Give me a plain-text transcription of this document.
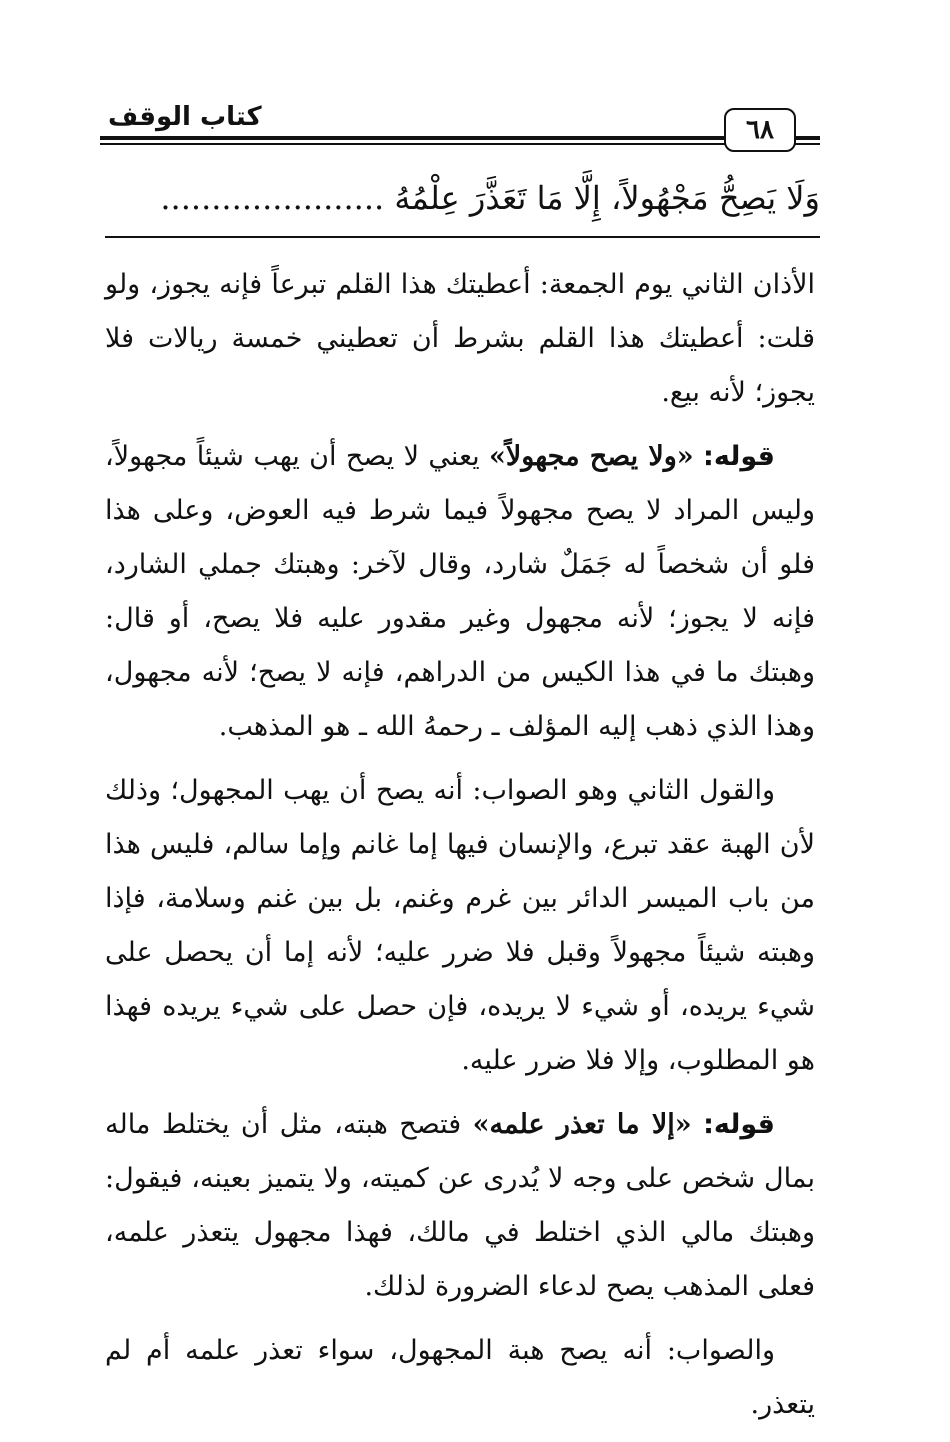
كتاب الوقف	٦٨
وَلَا يَصِحُّ مَجْهُولاً، إِلَّا مَا تَعَذَّرَ عِلْمُهُ ......................

الأذان الثاني يوم الجمعة: أعطيتك هذا القلم تبرعاً فإنه يجوز، ولو قلت: أعطيتك هذا القلم بشرط أن تعطيني خمسة ريالات فلا يجوز؛ لأنه بيع.

قوله: «ولا يصح مجهولاً» يعني لا يصح أن يهب شيئاً مجهولاً، وليس المراد لا يصح مجهولاً فيما شرط فيه العوض، وعلى هذا فلو أن شخصاً له جَمَلٌ شارد، وقال لآخر: وهبتك جملي الشارد، فإنه لا يجوز؛ لأنه مجهول وغير مقدور عليه فلا يصح، أو قال: وهبتك ما في هذا الكيس من الدراهم، فإنه لا يصح؛ لأنه مجهول، وهذا الذي ذهب إليه المؤلف ـ رحمهُ الله ـ هو المذهب.

والقول الثاني وهو الصواب: أنه يصح أن يهب المجهول؛ وذلك لأن الهبة عقد تبرع، والإنسان فيها إما غانم وإما سالم، فليس هذا من باب الميسر الدائر بين غرم وغنم، بل بين غنم وسلامة، فإذا وهبته شيئاً مجهولاً وقبل فلا ضرر عليه؛ لأنه إما أن يحصل على شيء يريده، أو شيء لا يريده، فإن حصل على شيء يريده فهذا هو المطلوب، وإلا فلا ضرر عليه.

قوله: «إلا ما تعذر علمه» فتصح هبته، مثل أن يختلط ماله بمال شخص على وجه لا يُدرى عن كميته، ولا يتميز بعينه، فيقول: وهبتك مالي الذي اختلط في مالك، فهذا مجهول يتعذر علمه، فعلى المذهب يصح لدعاء الضرورة لذلك.

والصواب: أنه يصح هبة المجهول، سواء تعذر علمه أم لم يتعذر.
